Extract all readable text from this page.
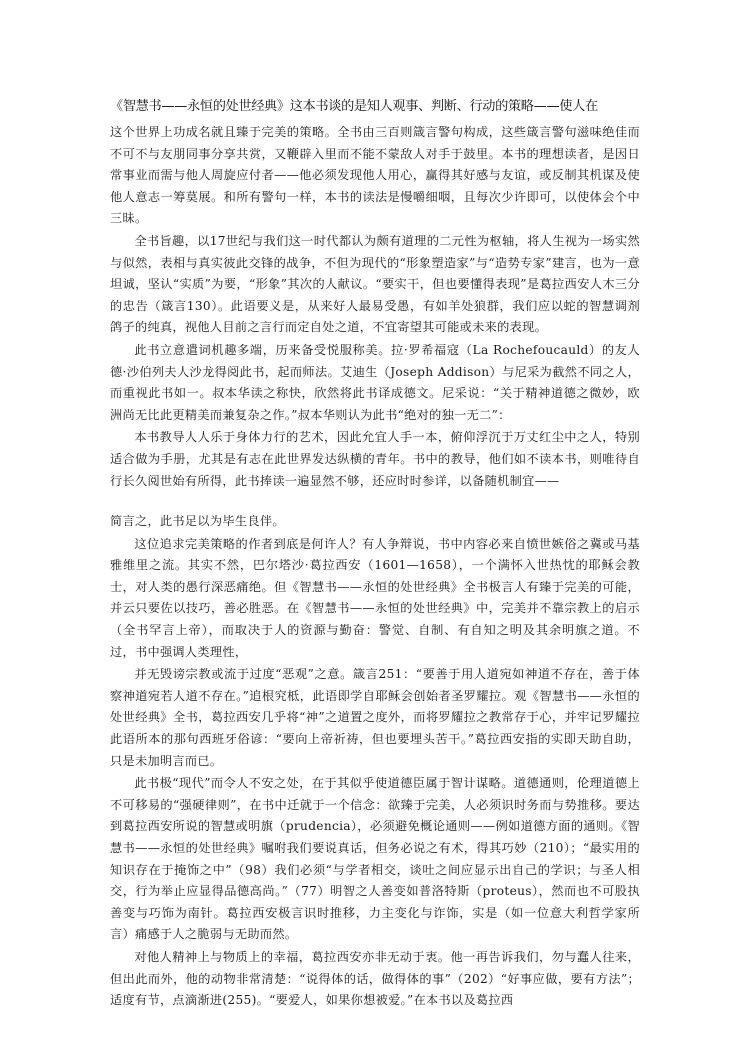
《智慧书——永恒的处世经典》这本书谈的是知人观事、判断、行动的策略——使人在

这个世界上功成名就且臻于完美的策略。全书由三百则箴言警句构成，这些箴言警句滋味绝佳而不可不与友朋同事分享共赏，又鞭辟入里而不能不蒙敌人对手于鼓里。本书的理想读者，是因日常事业而需与他人周旋应付者——他必须发现他人用心，赢得其好感与友谊，或反制其机谋及使他人意志一筹莫展。和所有警句一样，本书的读法是慢嚼细咽，且每次少许即可，以使体会个中三昧。

全书旨趣，以17世纪与我们这一时代都认为颇有道理的二元性为枢轴，将人生视为一场实然与似然，表相与真实彼此交锋的战争，不但为现代的“形象塑造家”与“造势专家”建言，也为一意坦诚，坚认“实质”为要，“形象”其次的人献议。“要实干，但也要懂得表现”是葛拉西安人木三分的忠告（箴言130）。此语要义是，从来好人最易受愚，有如羊处狼群，我们应以蛇的智慧调剂鸽子的纯真，视他人目前之言行而定自处之道，不宜寄望其可能或未来的表现。

此书立意遣词机趣多端，历来备受悦服称美。拉·罗希福寇（La Rochefoucauld）的友人德·沙伯列夫人沙龙得阅此书，起而师法。艾迪生（Joseph Addison）与尼采为截然不同之人，而重视此书如一。叔本华读之称快，欣然将此书译成德文。尼采说：“关于精神道德之微妙，欧洲尚无比此更精美而兼复杂之作。”叔本华则认为此书“绝对的独一无二”：

本书教导人人乐于身体力行的艺术，因此允宜人手一本，俯仰浮沉于万丈红尘中之人，特别适合做为手册，尤其是有志在此世界发达纵横的青年。书中的教导，他们如不读本书，则唯待自行长久阅世始有所得，此书捧读一遍显然不够，还应时时参详，以备随机制宜——

简言之，此书足以为毕生良伴。

这位追求完美策略的作者到底是何许人？有人争辩说，书中内容必来自愤世嫉俗之冀或马基雅维里之流。其实不然，巴尔塔沙·葛拉西安（1601—1658），一个满怀入世热忱的耶稣会教士，对人类的愚行深恶痛绝。但《智慧书——永恒的处世经典》全书极言人有臻于完美的可能，并云只要佐以技巧，善必胜恶。在《智慧书——永恒的处世经典》中，完美并不靠宗教上的启示（全书罕言上帝），而取决于人的资源与勤奋：警觉、自制、有自知之明及其余明旗之道。不过，书中强调人类理性，

并无毁谤宗教或流于过度“恶观”之意。箴言251：“要善于用人道宛如神道不存在，善于体察神道宛若人道不存在。”追根究柢，此语即学自耶稣会创始者圣罗耀拉。观《智慧书——永恒的处世经典》全书，葛拉西安几乎将“神”之道置之度外，而将罗耀拉之教常存于心，并牢记罗耀拉此语所本的那句西班牙俗谚：“要向上帝祈祷，但也要埋头苦干。”葛拉西安指的实即天助自助，只是未加明言而已。

此书极“现代”而令人不安之处，在于其似乎使道德臣属于智计谋略。道德通则，伦理道德上不可移易的“强硬律则”，在书中迁就于一个信念：欲臻于完美，人必须识时务而与势推移。要达到葛拉西安所说的智慧或明旗（prudencia），必须避免概论通则——例如道德方面的通则。《智慧书——永恒的处世经典》嘱咐我们要说真话，但务必说之有术，得其巧妙（210）；“最实用的知识存在于掩饰之中”（98）我们必须“与学者相交，谈吐之间应显示出自己的学识；与圣人相交，行为举止应显得品德高尚。”（77）明智之人善变如普洛特斯（proteus），然而也不可股执善变与巧饰为南针。葛拉西安极言识时推移，力主变化与诈饰，实是（如一位意大利哲学家所言）痛感于人之脆弱与无助而然。

对他人精神上与物质上的幸福，葛拉西安亦非无动于衷。他一再告诉我们，勿与蠢人往来，但出此而外，他的动物非常清楚：“说得体的话，做得体的事”（202）“好事应做，要有方法”；适度有节，点滴渐进(255)。“要爱人，如果你想被爱。”在本书以及葛拉西
